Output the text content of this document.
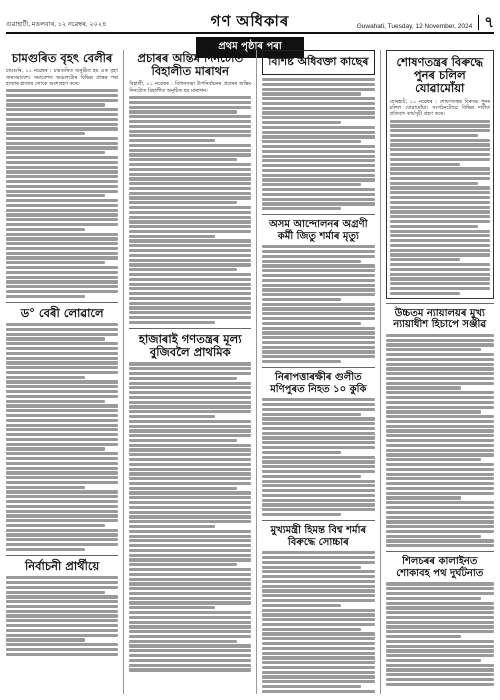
গুৱাহাটী, মঙলবাৰ, ১২ নৱেম্বৰ, ২০২৪	গণ অধিকাৰ	Guwahati, Tuesday, 12 November, 2024 ৭
প্ৰথম পৃষ্ঠাৰ পৰা
চামগুৰিত বৃহৎ বেলীৰ
চামগুৰি, ১১ নৱেম্বৰ : চামগুৰিত অনুষ্ঠিত হয় এক বৃহৎ জনসমাবেশ। সমাবেশত অঞ্চলটোৰ বিভিন্ন প্ৰান্তৰ পৰা হাজাৰ হাজাৰ লোকে অংশগ্ৰহণ কৰে।
ড° বেৰী লোৱালে
নিৰ্বাচনী প্ৰাৰ্থীয়ে
প্ৰচাৰৰ অন্তিম দিনটোত বিহালীত মাৰাথন
বিহালী, ১১ নৱেম্বৰ : বিধানসভা উপনিৰ্বাচনৰ প্ৰচাৰৰ অন্তিম দিনটোত বিহালীত অনুষ্ঠিত হয় মাৰাথন।
হাজাৰাই গণতন্ত্ৰৰ মূল্য বুজিবলৈ প্ৰাথমিক
বিশিষ্ট অধিবক্তা কাছেৰ
অসম আন্দোলনৰ অগ্ৰণী কৰ্মী জিতু শৰ্মাৰ মৃত্যু
নিৰাপত্তাৰক্ষীৰ গুলীত মণিপুৰত নিহত ১০ কুকি
মুখ্যমন্ত্ৰী হিমন্ত বিশ্ব শৰ্মাৰ বিৰুদ্ধে সোচ্চাৰ
শোষণতন্ত্ৰৰ বিৰুদ্ধে পুনৰ চলিল যোৱামোঁয়া
যোৰহাট, ১১ নৱেম্বৰ : শোষণতন্ত্ৰৰ বিৰুদ্ধে পুনৰ চলিল যোৱামোঁয়া। সংগঠনটোৱে বিভিন্ন দাবীত প্ৰতিবাদ কাৰ্যসূচী গ্ৰহণ কৰে।
উচ্চতম ন্যায়ালয়ৰ মুখ্য ন্যায়াধীশ হিচাপে সঞ্জীৱ
শিলচৰৰ কালাইনত শোকাবহ পথ দুৰ্ঘটনাত
